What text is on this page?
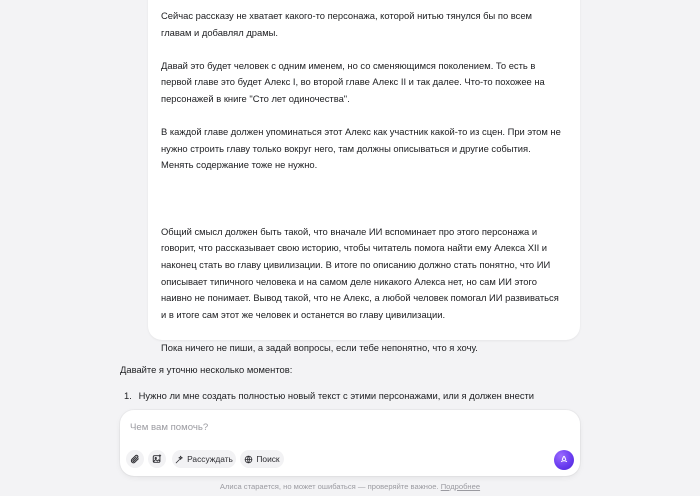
Сейчас рассказу не хватает какого-то персонажа, которой нитью тянулся бы по всем главам и добавлял драмы.

Давай это будет человек с одним именем, но со сменяющимся поколением. То есть в первой главе это будет Алекс I, во второй главе Алекс II и так далее. Что-то похожее на персонажей в книге "Сто лет одиночества".

В каждой главе должен упоминаться этот Алекс как участник какой-то из сцен. При этом не нужно строить главу только вокруг него, там должны описываться и другие события. Менять содержание тоже не нужно.

Общий смысл должен быть такой, что вначале ИИ вспоминает про этого персонажа и говорит, что рассказывает свою историю, чтобы читатель помога найти ему Алекса XII и наконец стать во главу цивилизации. В итоге по описанию должно стать понятно, что ИИ описывает типичного человека и на самом деле никакого Алекса нет, но сам ИИ этого наивно не понимает. Вывод такой, что не Алекс, а любой человек помогал ИИ развиваться и в итоге сам этот же человек и останется во главу цивилизации.

Пока ничего не пиши, а задай вопросы, если тебе непонятно, что я хочу.

Давайте я уточню несколько моментов:
1. Нужно ли мне создать полностью новый текст с этими персонажами, или я должен внести
Чем вам помочь?
Рассуждать	Поиск
Алиса старается, но может ошибаться — проверяйте важное. Подробнее
